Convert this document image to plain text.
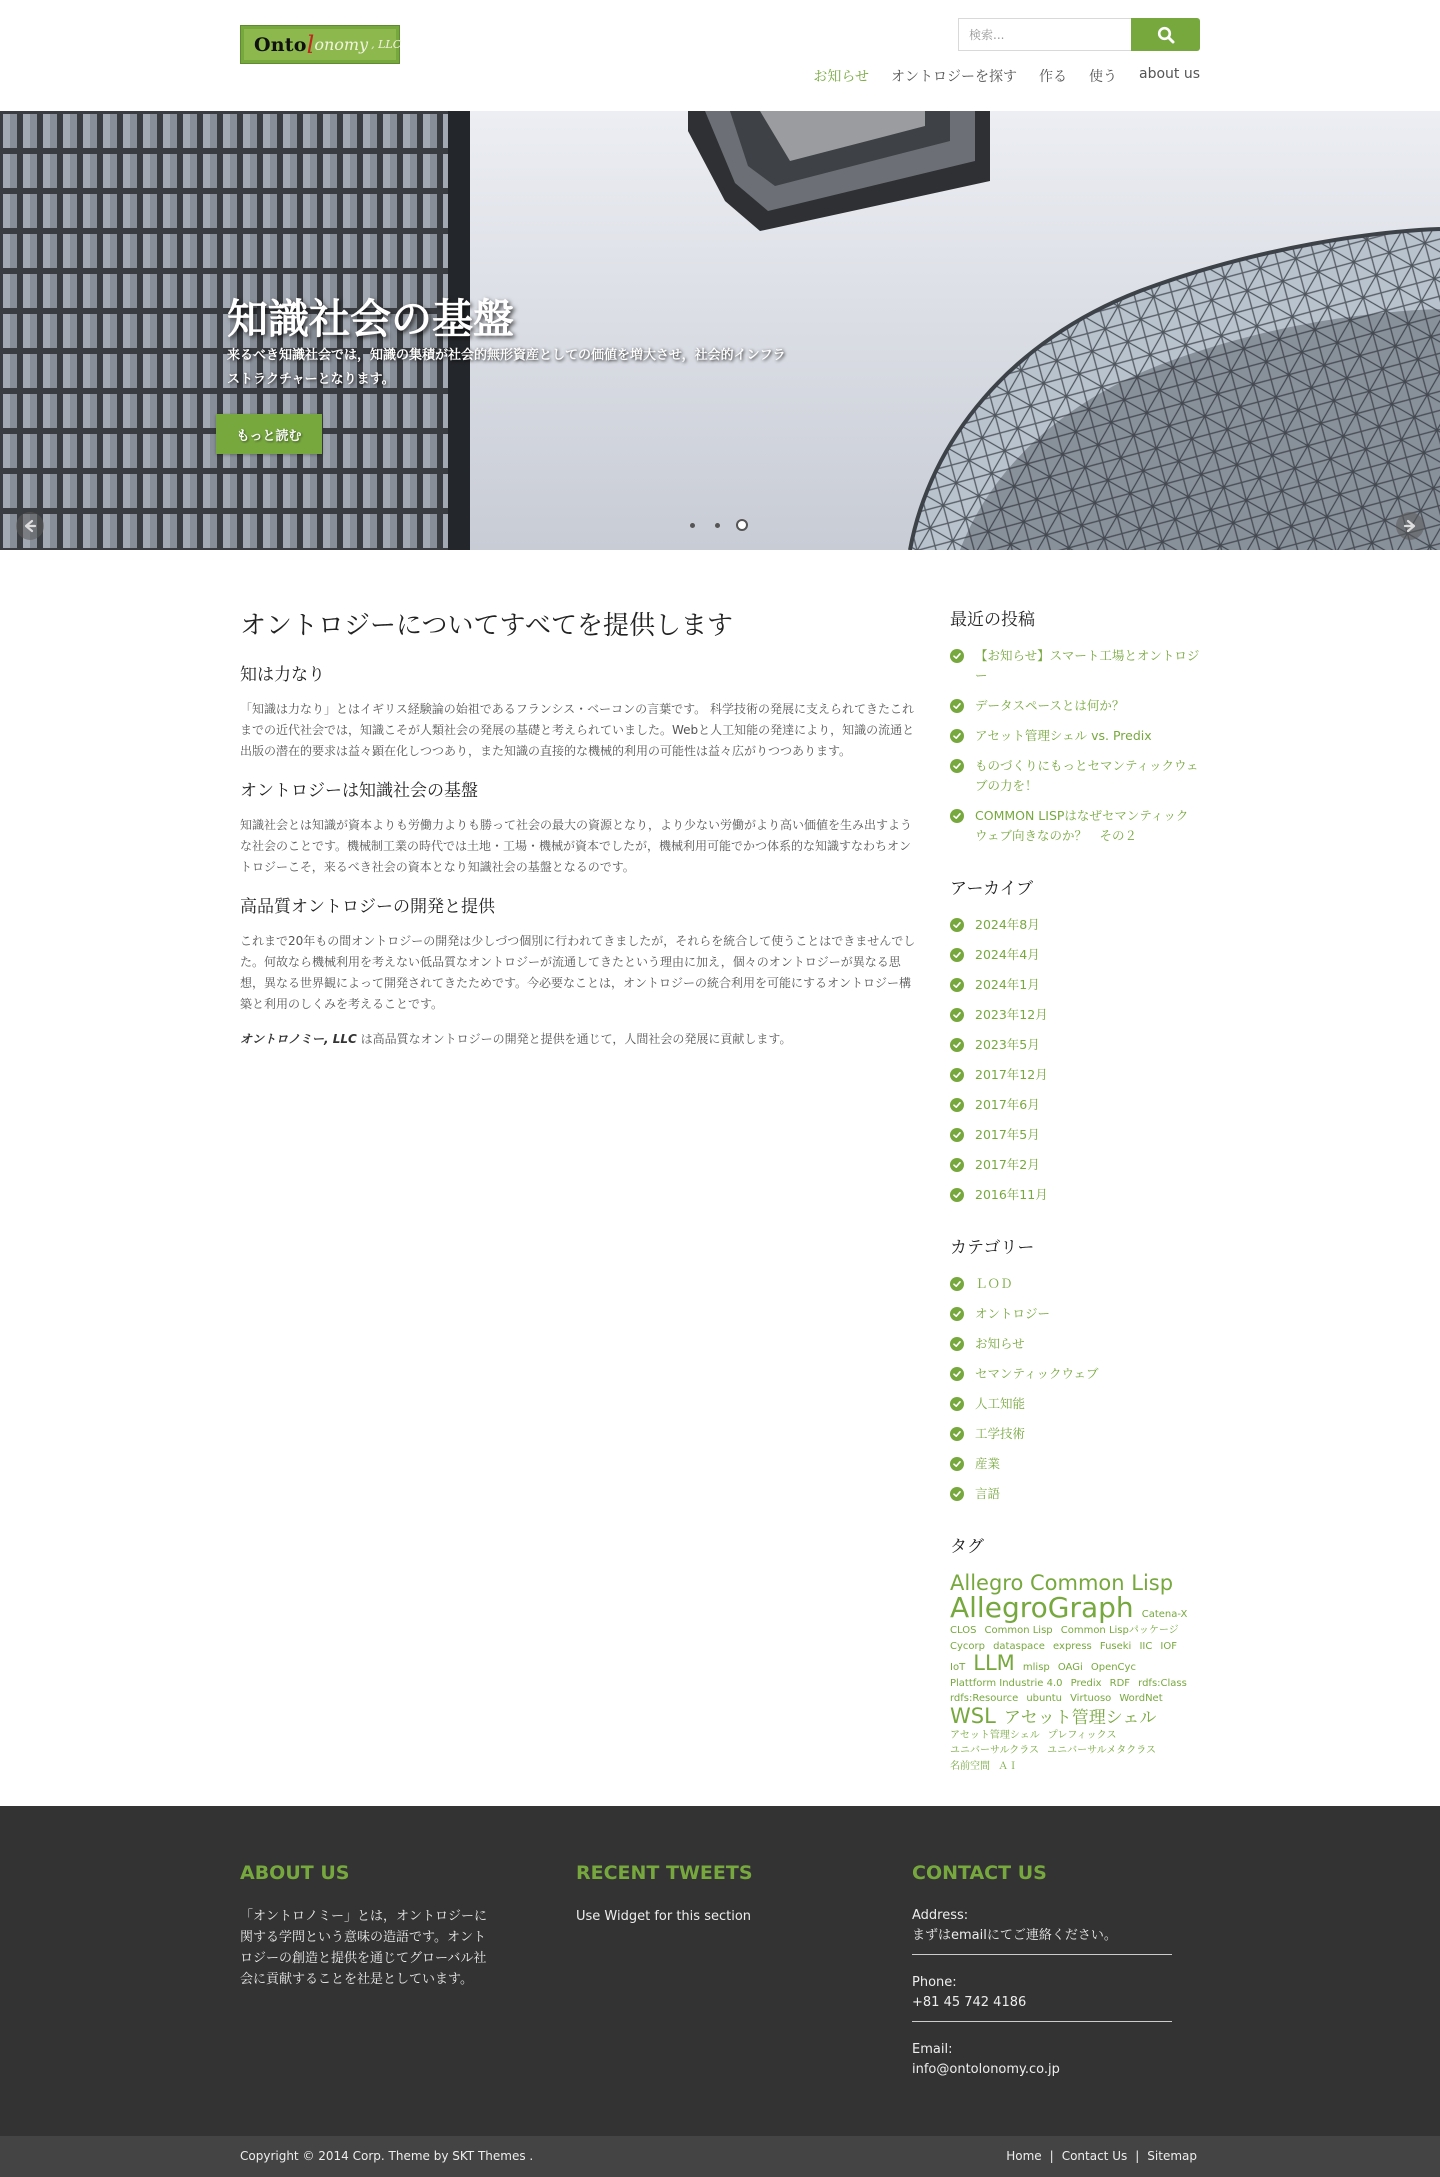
Onto l onomy , LLC
検索...
お知らせ	オントロジーを探す	作る	使う	about us
知識社会の基盤
来るべき知識社会では，知識の集積が社会的無形資産としての価値を増大させ，社会的インフラストラクチャーとなります。
もっと読む
オントロジーについてすべてを提供します
知は力なり

「知識は力なり」とはイギリス経験論の始祖であるフランシス・ベーコンの言葉です。 科学技術の発展に支えられてきたこれまでの近代社会では，知識こそが人類社会の発展の基礎と考えられていました。Webと人工知能の発達により，知識の流通と出版の潜在的要求は益々顕在化しつつあり，また知識の直接的な機械的利用の可能性は益々広がりつつあります。

オントロジーは知識社会の基盤

知識社会とは知識が資本よりも労働力よりも勝って社会の最大の資源となり，より少ない労働がより高い価値を生み出すような社会のことです。機械制工業の時代では土地・工場・機械が資本でしたが，機械利用可能でかつ体系的な知識すなわちオントロジーこそ，来るべき社会の資本となり知識社会の基盤となるのです。

高品質オントロジーの開発と提供

これまで20年もの間オントロジーの開発は少しづつ個別に行われてきましたが，それらを統合して使うことはできませんでした。何故なら機械利用を考えない低品質なオントロジーが流通してきたという理由に加え，個々のオントロジーが異なる思想，異なる世界観によって開発されてきたためです。今必要なことは，オントロジーの統合利用を可能にするオントロジー構築と利用のしくみを考えることです。

オントロノミー, LLC は高品質なオントロジーの開発と提供を通じて，人間社会の発展に貢献します。

最近の投稿
【お知らせ】スマート工場とオントロジー
データスペースとは何か？
アセット管理シェル vs. Predix
ものづくりにもっとセマンティックウェブの力を！
COMMON LISPはなぜセマンティックウェブ向きなのか？　その２
アーカイブ
2024年8月
2024年4月
2024年1月
2023年12月
2023年5月
2017年12月
2017年6月
2017年5月
2017年2月
2016年11月
カテゴリー
ＬＯＤ
オントロジー
お知らせ
セマンティックウェブ
人工知能
工学技術
産業
言語
タグ
Allegro Common Lisp AllegroGraph Catena-X CLOS Common Lisp Common Lispパッケージ Cycorp dataspace express Fuseki IIC IOF IoT LLM mlisp OAGi OpenCyc Plattform Industrie 4.0 Predix RDF rdfs:Class rdfs:Resource ubuntu Virtuoso WordNet WSL アセット管理シェル アセット管理シェル プレフィックス ユニバーサルクラス ユニバーサルメタクラス 名前空間 ＡＩ
ABOUT US
「オントロノミー」とは，オントロジーに関する学問という意味の造語です。オントロジーの創造と提供を通じてグローバル社会に貢献することを社是としています。
RECENT TWEETS
Use Widget for this section
CONTACT US
Address:
まずはemailにてご連絡ください。
Phone:
+81 45 742 4186
Email:
info@ontolonomy.co.jp
Copyright © 2014 Corp. Theme by SKT Themes .	Home | Contact Us | Sitemap
